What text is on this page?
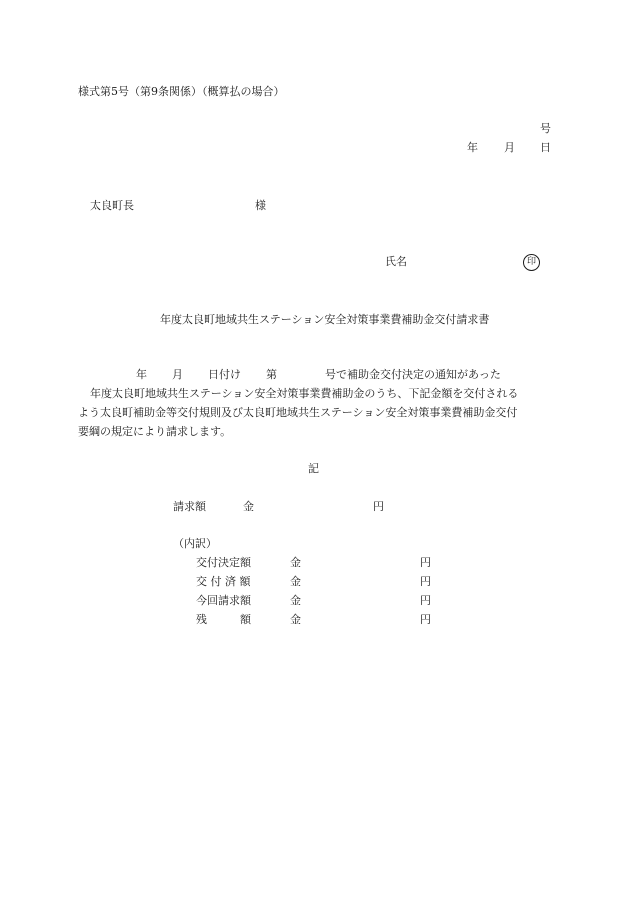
様式第5号（第9条関係）（概算払の場合）
号
年 月 日
太良町長	様
氏名	印
年度太良町地域共生ステーション安全対策事業費補助金交付請求書
年 月 日付け 第	号で補助金交付決定の通知があった
年度太良町地域共生ステーション安全対策事業費補助金のうち、下記金額を交付される
よう太良町補助金等交付規則及び太良町地域共生ステーション安全対策事業費補助金交付
要綱の規定により請求します。
記
請求額	金	円
（内訳）
交付決定額	金	円
交 付 済 額	金	円
今回請求額	金	円
残　　　額	金	円
